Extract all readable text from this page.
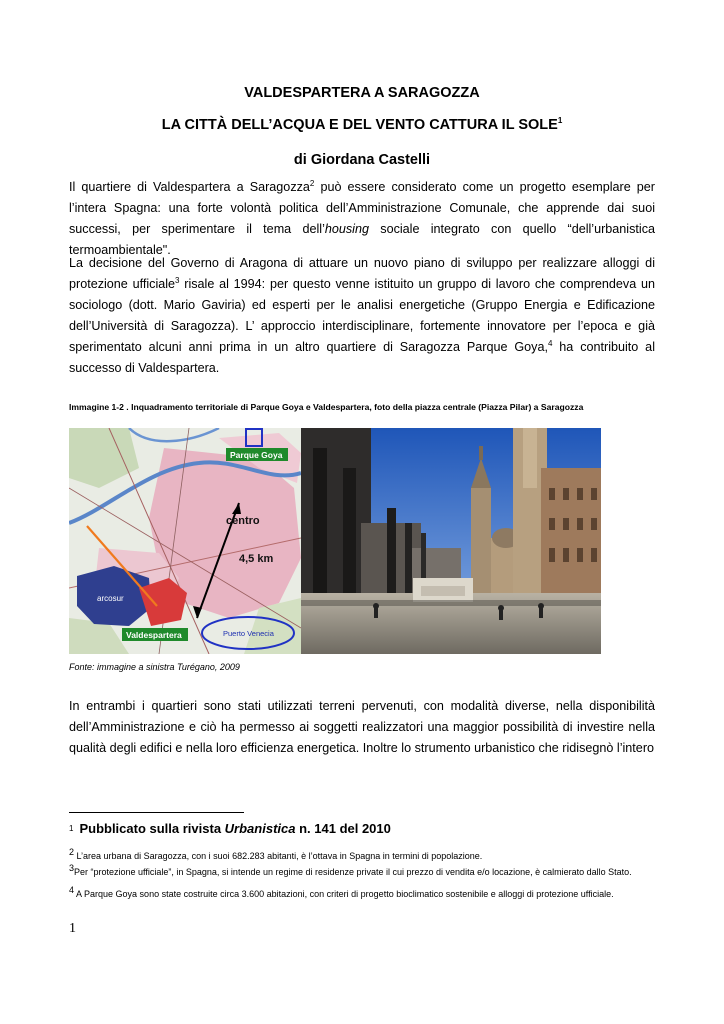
VALDESPARTERA A SARAGOZZA
LA CITTÀ DELL’ACQUA E DEL VENTO CATTURA IL SOLE$^1$
di Giordana Castelli

Il quartiere di Valdespartera a Saragozza$^2$ può essere considerato come un progetto esemplare per l’intera Spagna: una forte volontà politica dell’Amministrazione Comunale, che apprende dai suoi successi, per sperimentare il tema dell’housing sociale integrato con quello “dell’urbanistica termoambientale".

La decisione del Governo di Aragona di attuare un nuovo piano di sviluppo per realizzare alloggi di protezione ufficiale$^3$ risale al 1994: per questo venne istituito un gruppo di lavoro che comprendeva un sociologo (dott. Mario Gaviria) ed esperti per le analisi energetiche (Gruppo Energia e Edificazione dell’Università di Saragozza). L’ approccio interdisciplinare, fortemente innovatore per l’epoca e già sperimentato alcuni anni prima in un altro quartiere di Saragozza Parque Goya,$^4$ ha contribuito al successo di Valdespartera.

Immagine 1-2 . Inquadramento territoriale di Parque Goya e Valdespartera, foto della piazza centrale (Piazza Pilar) a Saragozza
arcosur
Puerto Venecia
Parque Goya
Valdespartera
centro
4,5 km
Fonte: immagine a sinistra Turégano, 2009

In entrambi i quartieri sono stati utilizzati terreni pervenuti, con modalità diverse, nella disponibilità dell’Amministrazione e ciò ha permesso ai soggetti realizzatori una maggior possibilità di investire nella qualità degli edifici e nella loro efficienza energetica. Inoltre lo strumento urbanistico che ridisegnò l’intero

1 Pubblicato sulla rivista Urbanistica n. 141 del 2010
$^2$ L’area urbana di Saragozza, con i suoi 682.283 abitanti, è l’ottava in Spagna in termini di popolazione.
$^3$Per “protezione ufficiale”, in Spagna, si intende un regime di residenze private il cui prezzo di vendita e/o locazione, è calmierato dallo Stato.
$^4$ A Parque Goya sono state costruite circa 3.600 abitazioni, con criteri di progetto bioclimatico sostenibile e alloggi di protezione ufficiale.
1
